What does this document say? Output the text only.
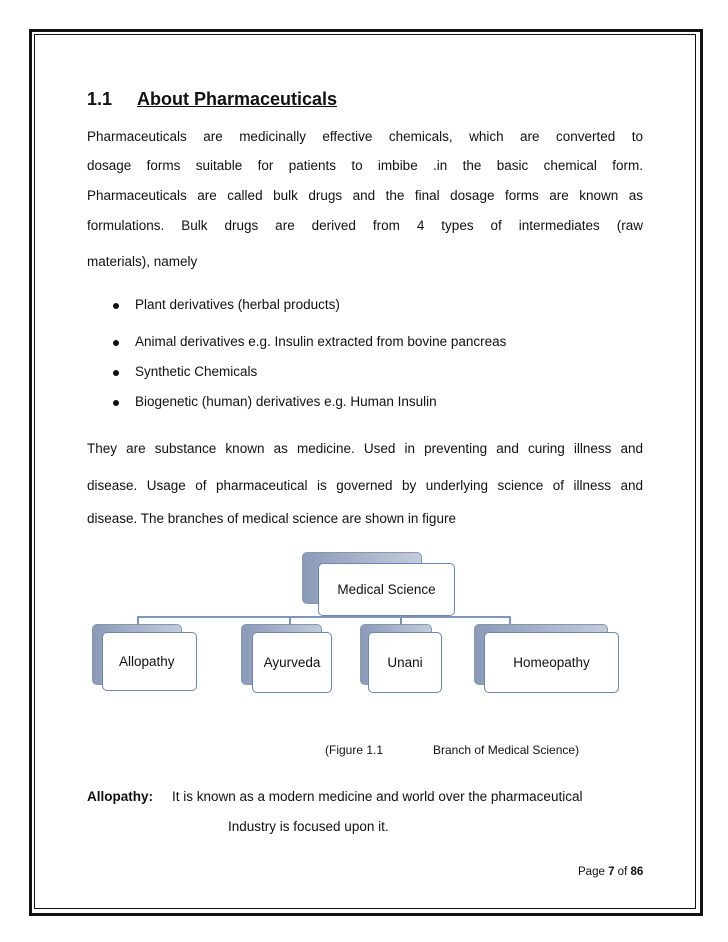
1.1 About Pharmaceuticals
Pharmaceuticals are medicinally effective chemicals, which are converted to
dosage forms suitable for patients to imbibe .in the basic chemical form.
Pharmaceuticals are called bulk drugs and the final dosage forms are known as
formulations. Bulk drugs are derived from 4 types of intermediates (raw
materials), namely
Plant derivatives (herbal products)
Animal derivatives e.g. Insulin extracted from bovine pancreas
Synthetic Chemicals
Biogenetic (human) derivatives e.g. Human Insulin
They are substance known as medicine. Used in preventing and curing illness and
disease. Usage of pharmaceutical is governed by underlying science of illness and
disease. The branches of medical science are shown in figure
Medical Science
Allopathy	Ayurveda	Unani	Homeopathy
(Figure 1.1	Branch of Medical Science)
Allopathy: It is known as a modern medicine and world over the pharmaceutical
Industry is focused upon it.
Page 7 of 86
